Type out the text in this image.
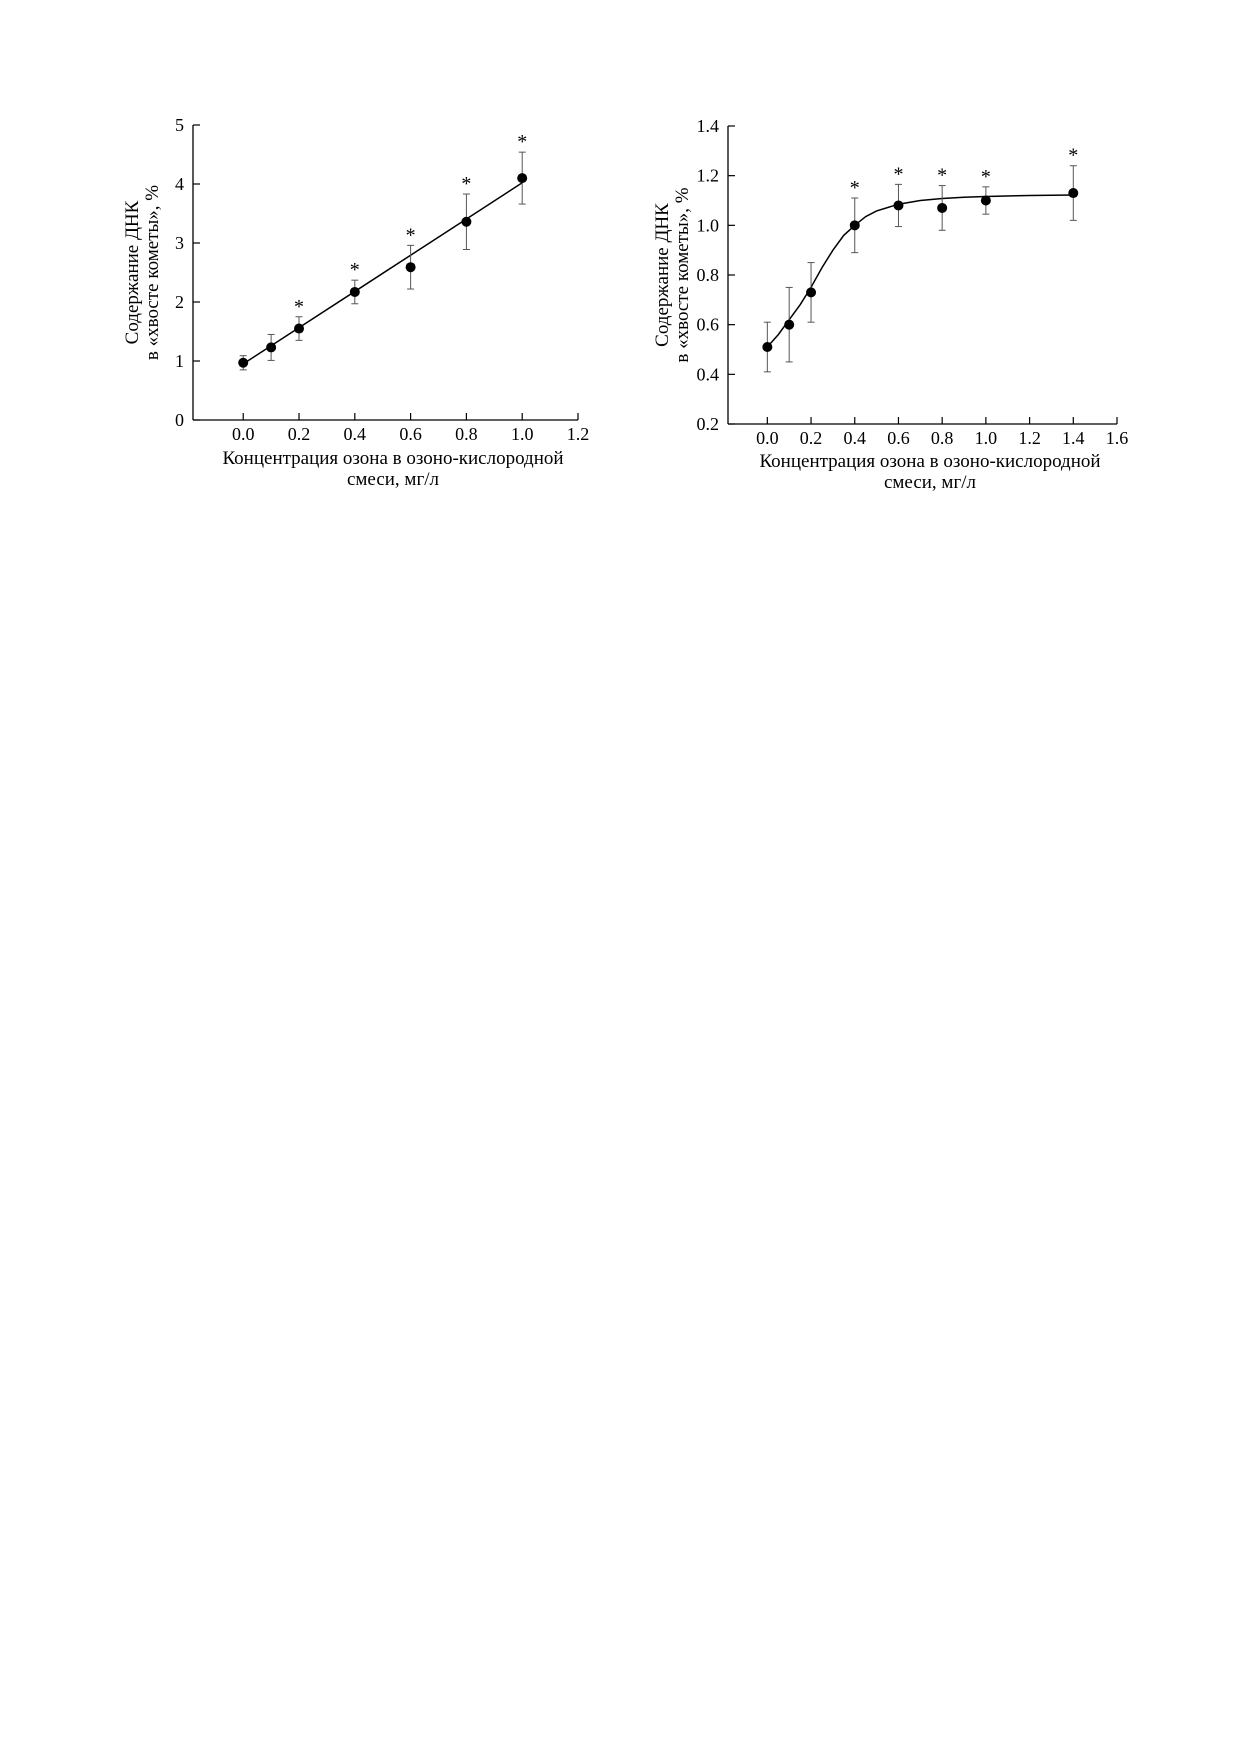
0
1
2
3
4
5
0.0 0.2 0.4 0.6 0.8 1.0 1.2
Содержание ДНК в «хвосте кометы», %
Концентрация озона в озоно-кислородной
смеси, мг/л
*
*
*
*
*
0.2
0.4
0.6
0.8
1.0
1.2
1.4
0.0 0.2 0.4 0.6 0.8 1.0 1.2 1.4 1.6
Содержание ДНК в «хвосте кометы», %
Концентрация озона в озоно-кислородной
смеси, мг/л
*
* * *
*
